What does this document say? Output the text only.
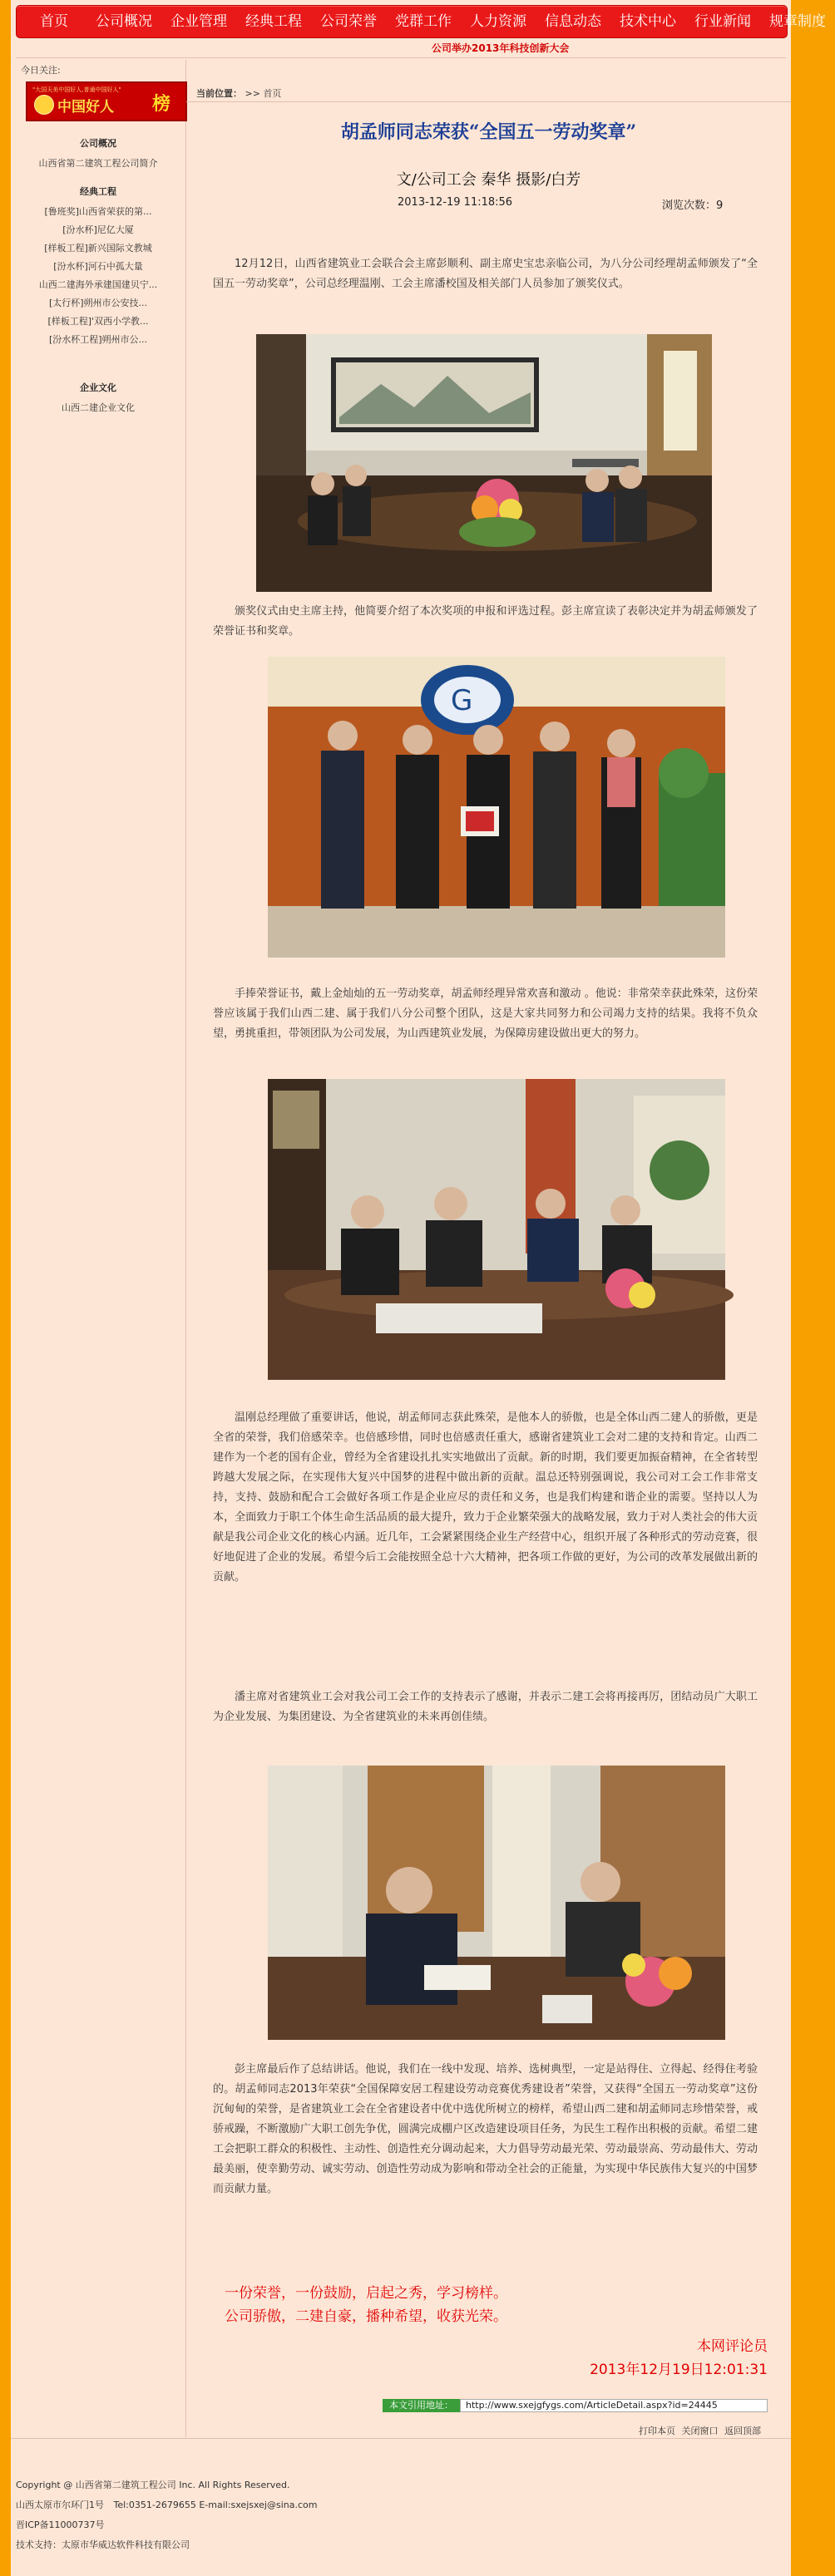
首页	公司概况	企业管理	经典工程	公司荣誉	党群工作	人力资源	信息动态	技术中心	行业新闻	规章制度
公司举办2013年科技创新大会
今日关注:
"大国天美中国好人,普通中国好人"
中国好人 榜
公司概况
山西省第二建筑工程公司简介
经典工程
[鲁班奖]山西省荣获的第...
[汾水杯]尼亿大厦
[样板工程]新兴国际文教城
[汾水杯]河石中孤大量
山西二建海外承建国建贝宁...
[太行杯]朔州市公安技...
[样板工程]'双西小学教...
[汾水杯工程]朔州市公...
企业文化
山西二建企业文化
当前位置： >> 首页
胡孟师同志荣获“全国五一劳动奖章”
文/公司工会 秦华 摄影/白芳
2013-12-19 11:18:56	浏览次数：9

12月12日，山西省建筑业工会联合会主席彭顺利、副主席史宝忠亲临公司，为八分公司经理胡孟师颁发了“全国五一劳动奖章”，公司总经理温刚、工会主席潘校国及相关部门人员参加了颁奖仪式。

颁奖仪式由史主席主持，他简要介绍了本次奖项的申报和评选过程。彭主席宣读了表彰决定并为胡孟师颁发了荣誉证书和奖章。

G

手捧荣誉证书，戴上金灿灿的五一劳动奖章，胡孟师经理异常欢喜和激动 。他说：非常荣幸获此殊荣，这份荣誉应该属于我们山西二建、属于我们八分公司整个团队，这是大家共同努力和公司竭力支持的结果。我将不负众望，勇挑重担，带领团队为公司发展，为山西建筑业发展，为保障房建设做出更大的努力。

温刚总经理做了重要讲话，他说，胡孟师同志获此殊荣，是他本人的骄傲，也是全体山西二建人的骄傲，更是全省的荣誉，我们倍感荣幸。也倍感珍惜，同时也倍感责任重大，感谢省建筑业工会对二建的支持和肯定。山西二建作为一个老的国有企业，曾经为全省建设扎扎实实地做出了贡献。新的时期，我们要更加振奋精神，在全省转型跨越大发展之际，在实现伟大复兴中国梦的进程中做出新的贡献。温总还特别强调说，我公司对工会工作非常支持，支持、鼓励和配合工会做好各项工作是企业应尽的责任和义务，也是我们构建和谐企业的需要。坚持以人为本，全面致力于职工个体生命生活品质的最大提升，致力于企业繁荣强大的战略发展，致力于对人类社会的伟大贡献是我公司企业文化的核心内涵。近几年，工会紧紧围绕企业生产经营中心，组织开展了各种形式的劳动竞赛，很好地促进了企业的发展。希望今后工会能按照全总十六大精神，把各项工作做的更好，为公司的改革发展做出新的贡献。

潘主席对省建筑业工会对我公司工会工作的支持表示了感谢，并表示二建工会将再接再厉，团结动员广大职工为企业发展、为集团建设、为全省建筑业的未来再创佳绩。

彭主席最后作了总结讲话。他说，我们在一线中发现、培养、选树典型，一定是站得住、立得起、经得住考验的。胡孟师同志2013年荣获“全国保障安居工程建设劳动竞赛优秀建设者”荣誉，又获得“全国五一劳动奖章”这份沉甸甸的荣誉，是省建筑业工会在全省建设者中优中选优所树立的榜样，希望山西二建和胡孟师同志珍惜荣誉，戒骄戒躁，不断激励广大职工创先争优，圆满完成棚户区改造建设项目任务，为民生工程作出积极的贡献。希望二建工会把职工群众的积极性、主动性、创造性充分调动起来，大力倡导劳动最光荣、劳动最崇高、劳动最伟大、劳动最美丽，使幸勤劳动、诚实劳动、创造性劳动成为影响和带动全社会的正能量，为实现中华民族伟大复兴的中国梦而贡献力量。

一份荣誉，一份鼓励，启起之秀，学习榜样。
公司骄傲，二建自豪，播种希望，收获光荣。
本网评论员
2013年12月19日12:01:31
本文引用地址：	http://www.sxejgfygs.com/ArticleDetail.aspx?id=24445
打印本页 关闭窗口 返回顶部
Copyright @ 山西省第二建筑工程公司 Inc. All Rights Reserved.
山西太原市尔环门1号 Tel:0351-2679655 E-mail:sxejsxej@sina.com
晋ICP备11000737号
技术支持：太原市华威达软件科技有限公司
